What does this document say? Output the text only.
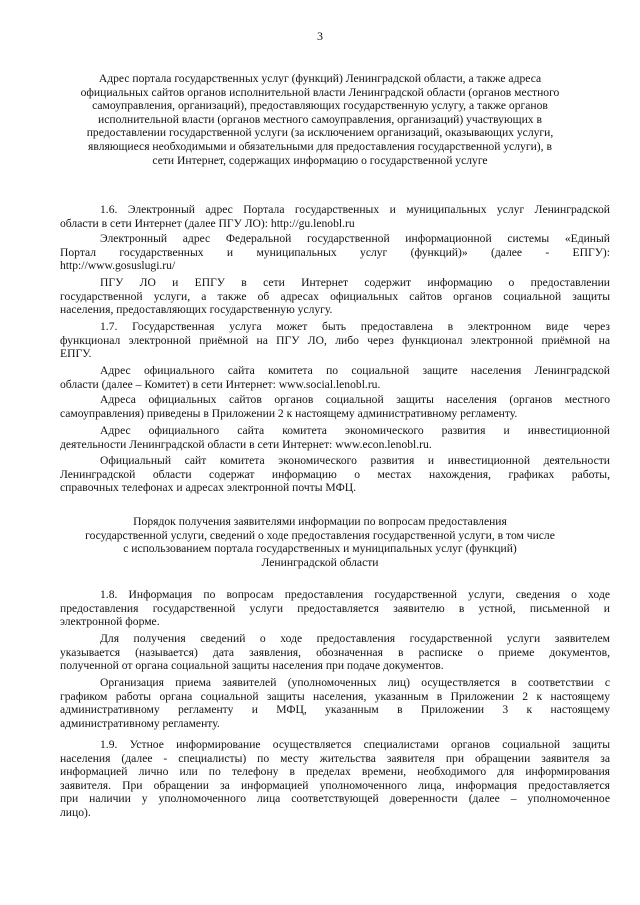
3
Адрес портала государственных услуг (функций) Ленинградской области, а также адреса
официальных сайтов органов исполнительной власти Ленинградской области (органов местного
самоуправления, организаций), предоставляющих государственную услугу, а также органов
исполнительной власти (органов местного самоуправления, организаций) участвующих в
предоставлении государственной услуги (за исключением организаций, оказывающих услуги,
являющиеся необходимыми и обязательными для предоставления государственной услуги), в
сети Интернет, содержащих информацию о государственной услуге
1.6. Электронный адрес Портала государственных и муниципальных услуг Ленинградской
области в сети Интернет (далее ПГУ ЛО): http://gu.lenobl.ru
Электронный адрес Федеральной государственной информационной системы «Единый
Портал государственных и муниципальных услуг (функций)» (далее - ЕПГУ):
http://www.gosuslugi.ru/
ПГУ ЛО и ЕПГУ в сети Интернет содержит информацию о предоставлении
государственной услуги, а также об адресах официальных сайтов органов социальной защиты
населения, предоставляющих государственную услугу.
1.7. Государственная услуга может быть предоставлена в электронном виде через
функционал электронной приёмной на ПГУ ЛО, либо через функционал электронной приёмной на
ЕПГУ.
Адрес официального сайта комитета по социальной защите населения Ленинградской
области (далее – Комитет) в сети Интернет: www.social.lenobl.ru.
Адреса официальных сайтов органов социальной защиты населения (органов местного
самоуправления) приведены в Приложении 2 к настоящему административному регламенту.
Адрес официального сайта комитета экономического развития и инвестиционной
деятельности Ленинградской области в сети Интернет: www.econ.lenobl.ru.
Официальный сайт комитета экономического развития и инвестиционной деятельности
Ленинградской области содержат информацию о местах нахождения, графиках работы,
справочных телефонах и адресах электронной почты МФЦ.
Порядок получения заявителями информации по вопросам предоставления
государственной услуги, сведений о ходе предоставления государственной услуги, в том числе
с использованием портала государственных и муниципальных услуг (функций)
Ленинградской области
1.8. Информация по вопросам предоставления государственной услуги, сведения о ходе
предоставления государственной услуги предоставляется заявителю в устной, письменной и
электронной форме.
Для получения сведений о ходе предоставления государственной услуги заявителем
указывается (называется) дата заявления, обозначенная в расписке о приеме документов,
полученной от органа социальной защиты населения при подаче документов.
Организация приема заявителей (уполномоченных лиц) осуществляется в соответствии с
графиком работы органа социальной защиты населения, указанным в Приложении 2 к настоящему
административному регламенту и МФЦ, указанным в Приложении 3 к настоящему
административному регламенту.
1.9. Устное информирование осуществляется специалистами органов социальной защиты
населения (далее - специалисты) по месту жительства заявителя при обращении заявителя за
информацией лично или по телефону в пределах времени, необходимого для информирования
заявителя. При обращении за информацией уполномоченного лица, информация предоставляется
при наличии у уполномоченного лица соответствующей доверенности (далее – уполномоченное
лицо).
